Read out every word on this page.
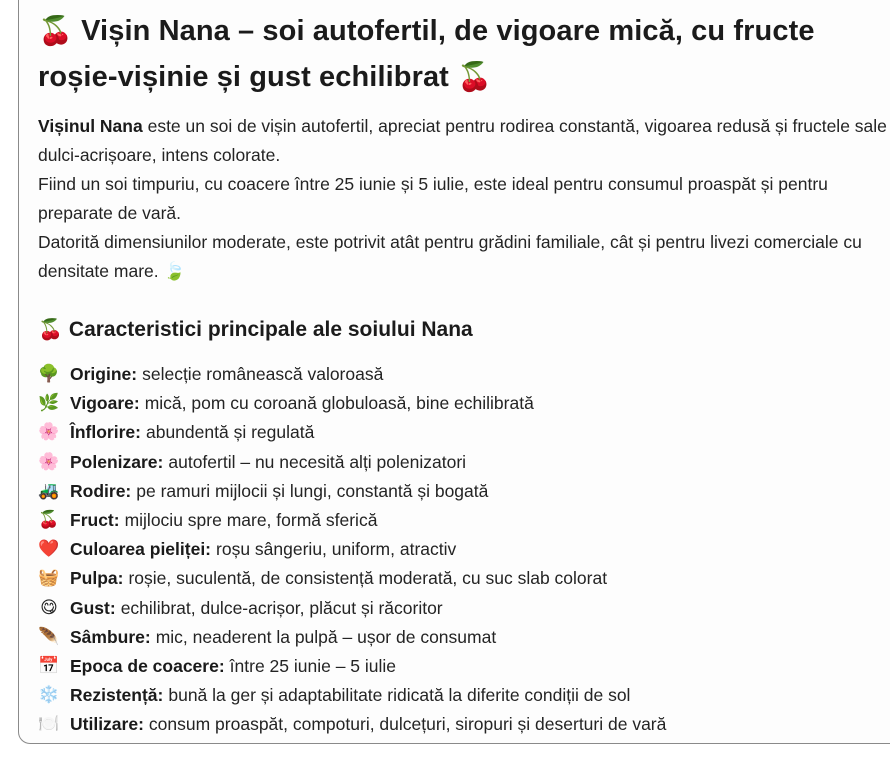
🍒 Vișin Nana – soi autofertil, de vigoare mică, cu fructe roșie-vișinie și gust echilibrat 🍒

Vișinul Nana este un soi de vișin autofertil, apreciat pentru rodirea constantă, vigoarea redusă și fructele sale dulci-acrișoare, intens colorate.

Fiind un soi timpuriu, cu coacere între 25 iunie și 5 iulie, este ideal pentru consumul proaspăt și pentru preparate de vară.

Datorită dimensiunilor moderate, este potrivit atât pentru grădini familiale, cât și pentru livezi comerciale cu densitate mare. 🍃

🍒 Caracteristici principale ale soiului Nana
🌳 Origine: selecție românească valoroasă
🌿 Vigoare: mică, pom cu coroană globuloasă, bine echilibrată
🌸 Înflorire: abundentă și regulată
🌸 Polenizare: autofertil – nu necesită alți polenizatori
🚜 Rodire: pe ramuri mijlocii și lungi, constantă și bogată
🍒 Fruct: mijlociu spre mare, formă sferică
❤️ Culoarea pieliței: roșu sângeriu, uniform, atractiv
🧺 Pulpa: roșie, suculentă, de consistență moderată, cu suc slab colorat
😋 Gust: echilibrat, dulce-acrișor, plăcut și răcoritor
🪶 Sâmbure: mic, neaderent la pulpă – ușor de consumat
📅 Epoca de coacere: între 25 iunie – 5 iulie
❄️ Rezistență: bună la ger și adaptabilitate ridicată la diferite condiții de sol
🍽️ Utilizare: consum proaspăt, compoturi, dulcețuri, siropuri și deserturi de vară
